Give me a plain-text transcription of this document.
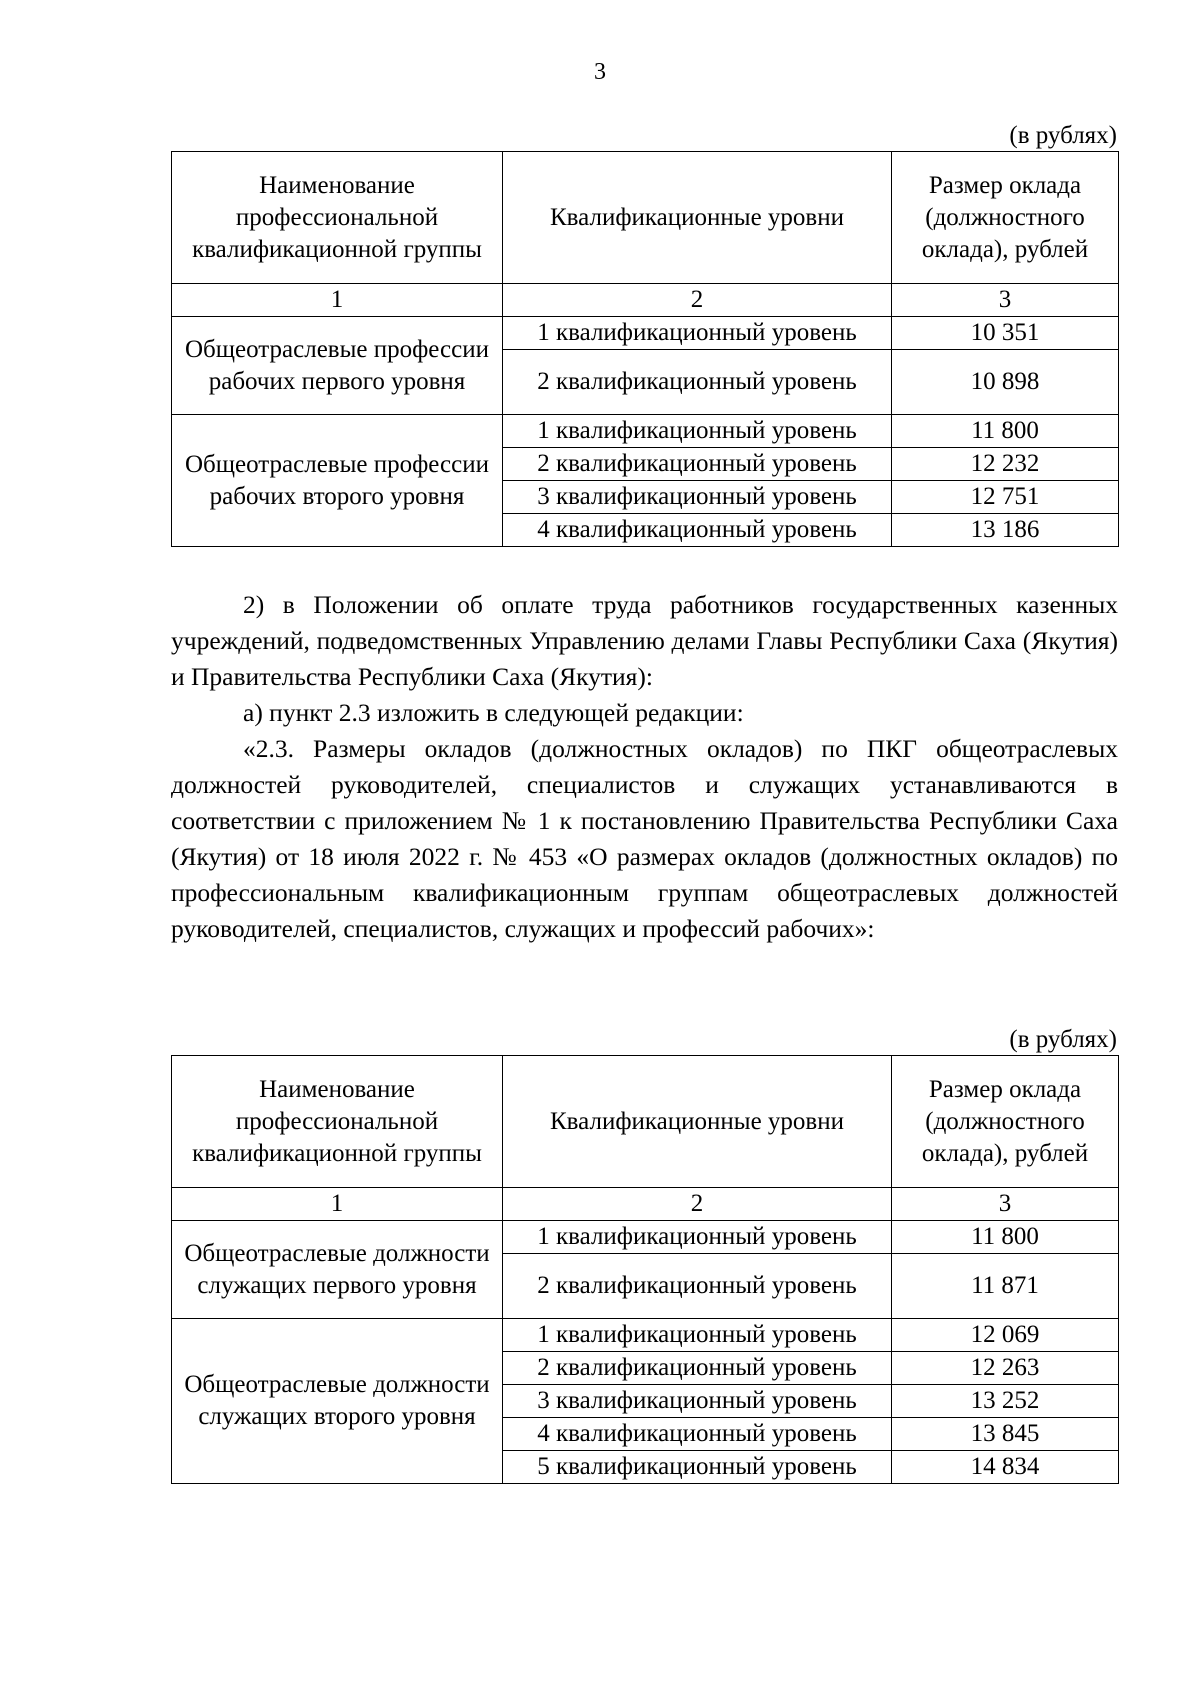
3
(в рублях)
Наименование профессиональной квалификационной группы	Квалификационные уровни	Размер оклада (должностного оклада), рублей
1	2	3
Общеотраслевые профессии рабочих первого уровня	1 квалификационный уровень	10 351
	2 квалификационный уровень	10 898
Общеотраслевые профессии рабочих второго уровня	1 квалификационный уровень	11 800
	2 квалификационный уровень	12 232
	3 квалификационный уровень	12 751
	4 квалификационный уровень	13 186

2) в Положении об оплате труда работников государственных казенных учреждений, подведомственных Управлению делами Главы Республики Саха (Якутия) и Правительства Республики Саха (Якутия):

а) пункт 2.3 изложить в следующей редакции:

«2.3. Размеры окладов (должностных окладов) по ПКГ общеотраслевых должностей руководителей, специалистов и служащих устанавливаются в соответствии с приложением № 1 к постановлению Правительства Республики Саха (Якутия) от 18 июля 2022 г. № 453 «О размерах окладов (должностных окладов) по профессиональным квалификационным группам общеотраслевых должностей руководителей, специалистов, служащих и профессий рабочих»:

(в рублях)
Наименование профессиональной квалификационной группы	Квалификационные уровни	Размер оклада (должностного оклада), рублей
1	2	3
Общеотраслевые должности служащих первого уровня	1 квалификационный уровень	11 800
	2 квалификационный уровень	11 871
Общеотраслевые должности служащих второго уровня	1 квалификационный уровень	12 069
	2 квалификационный уровень	12 263
	3 квалификационный уровень	13 252
	4 квалификационный уровень	13 845
	5 квалификационный уровень	14 834
